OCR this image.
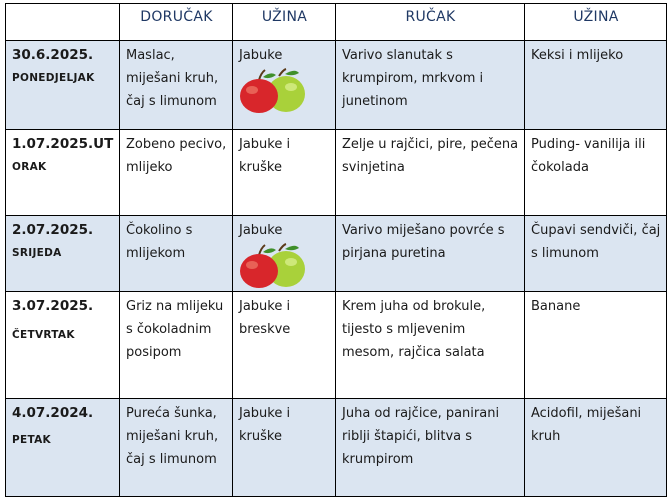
	DORUČAK	UŽINA	RUČAK	UŽINA

30.6.2025.
PONEDJELJAK	Maslac, miješani kruh, čaj s limunom	Jabuke	Varivo slanutak s krumpirom, mrkvom i junetinom	Keksi i mlijeko

1.07.2025.UT
ORAK	Zobeno pecivo, mlijeko	Jabuke i kruške	Zelje u rajčici, pire, pečena svinjetina	Puding- vanilija ili čokolada

2.07.2025.
SRIJEDA	Čokolino s mlijekom	Jabuke	Varivo miješano povrće s pirjana puretina	Čupavi sendviči, čaj s limunom

3.07.2025.
ČETVRTAK	Griz na mlijeku s čokoladnim posipom	Jabuke i breskve	Krem juha od brokule, tijesto s mljevenim mesom, rajčica salata	Banane

4.07.2024.
PETAK	Pureća šunka, miješani kruh, čaj s limunom	Jabuke i kruške	Juha od rajčice, panirani riblji štapići, blitva s krumpirom	Acidofil, miješani kruh
